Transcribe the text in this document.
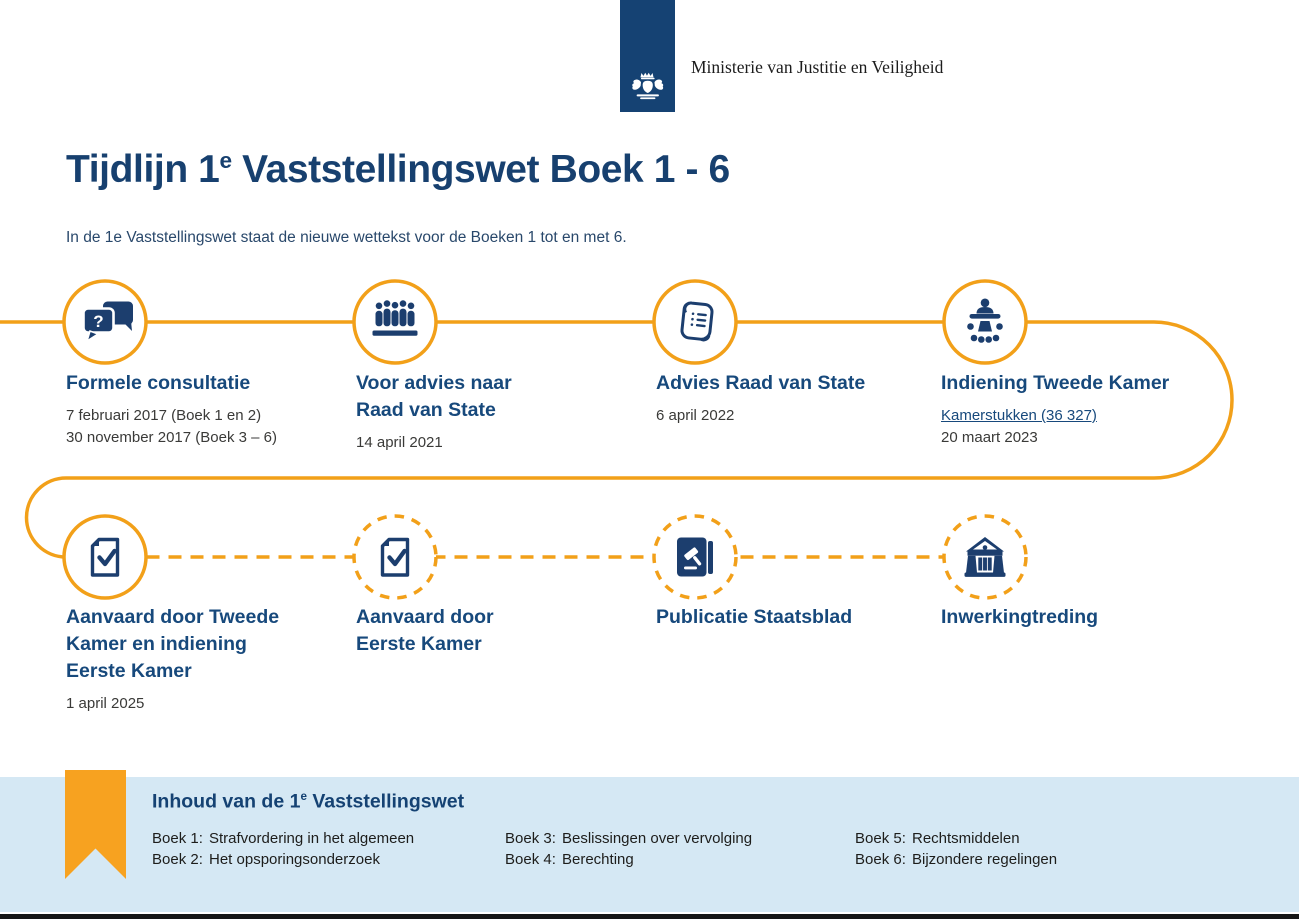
Ministerie van Justitie en Veiligheid
Tijdlijn 1e Vaststellingswet Boek 1 - 6
In de 1e Vaststellingswet staat de nieuwe wettekst voor de Boeken 1 tot en met 6.
?
Formele consultatie
7 februari 2017 (Boek 1 en 2)
30 november 2017 (Boek 3 – 6)
Voor advies naar
Raad van State
14 april 2021
Advies Raad van State
6 april 2022
Indiening Tweede Kamer
Kamerstukken (36 327)
20 maart 2023
Aanvaard door Tweede
Kamer en indiening
Eerste Kamer
1 april 2025
Aanvaard door
Eerste Kamer
Publicatie Staatsblad	Inwerkingtreding
Inhoud van de 1e Vaststellingswet
Boek 1: Strafvordering in het algemeen
Boek 2: Het opsporingsonderzoek
Boek 3: Beslissingen over vervolging
Boek 4: Berechting
Boek 5: Rechtsmiddelen
Boek 6: Bijzondere regelingen
